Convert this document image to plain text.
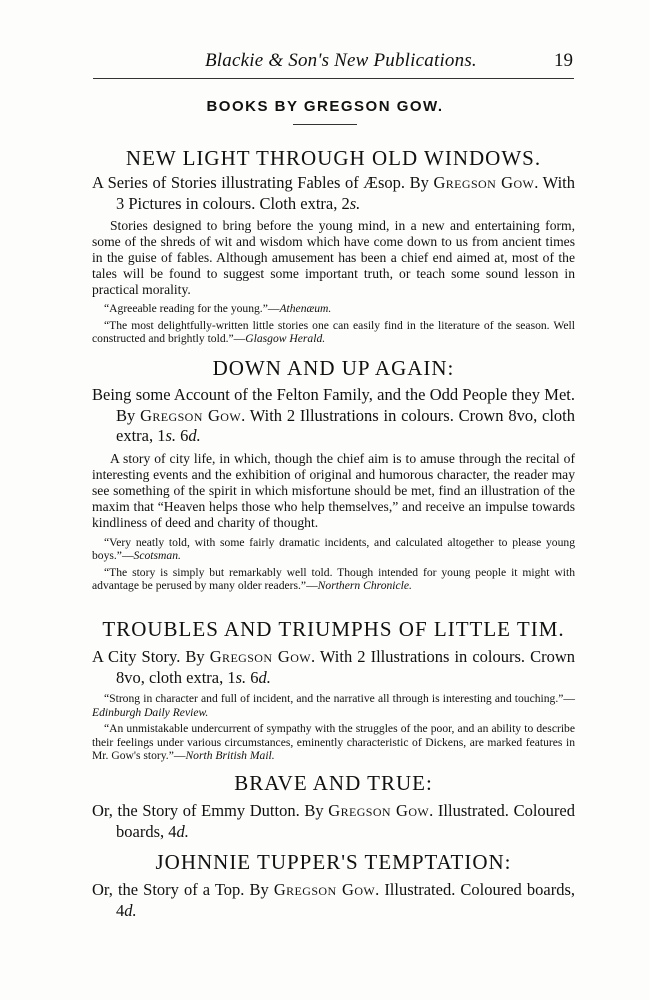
Blackie & Son's New Publications.	19
BOOKS BY GREGSON GOW.
NEW LIGHT THROUGH OLD WINDOWS.

A Series of Stories illustrating Fables of Æsop. By Gregson Gow. With 3 Pictures in colours. Cloth extra, 2s.

Stories designed to bring before the young mind, in a new and entertaining form, some of the shreds of wit and wisdom which have come down to us from ancient times in the guise of fables. Although amusement has been a chief end aimed at, most of the tales will be found to suggest some important truth, or teach some sound lesson in practical morality.

“Agreeable reading for the young.”—Athenæum.

“The most delightfully-written little stories one can easily find in the literature of the season. Well constructed and brightly told.”—Glasgow Herald.

DOWN AND UP AGAIN:

Being some Account of the Felton Family, and the Odd People they Met. By Gregson Gow. With 2 Illustrations in colours. Crown 8vo, cloth extra, 1s. 6d.

A story of city life, in which, though the chief aim is to amuse through the recital of interesting events and the exhibition of original and humorous character, the reader may see something of the spirit in which misfortune should be met, find an illustration of the maxim that “Heaven helps those who help themselves,” and receive an impulse towards kindliness of deed and charity of thought.

“Very neatly told, with some fairly dramatic incidents, and calculated altogether to please young boys.”—Scotsman.

“The story is simply but remarkably well told. Though intended for young people it might with advantage be perused by many older readers.”—Northern Chronicle.

TROUBLES AND TRIUMPHS OF LITTLE TIM.

A City Story. By Gregson Gow. With 2 Illustrations in colours. Crown 8vo, cloth extra, 1s. 6d.

“Strong in character and full of incident, and the narrative all through is interesting and touching.”—Edinburgh Daily Review.

“An unmistakable undercurrent of sympathy with the struggles of the poor, and an ability to describe their feelings under various circumstances, eminently characteristic of Dickens, are marked features in Mr. Gow's story.”—North British Mail.

BRAVE AND TRUE:

Or, the Story of Emmy Dutton. By Gregson Gow. Illustrated. Coloured boards, 4d.

JOHNNIE TUPPER'S TEMPTATION:

Or, the Story of a Top. By Gregson Gow. Illustrated. Coloured boards, 4d.
